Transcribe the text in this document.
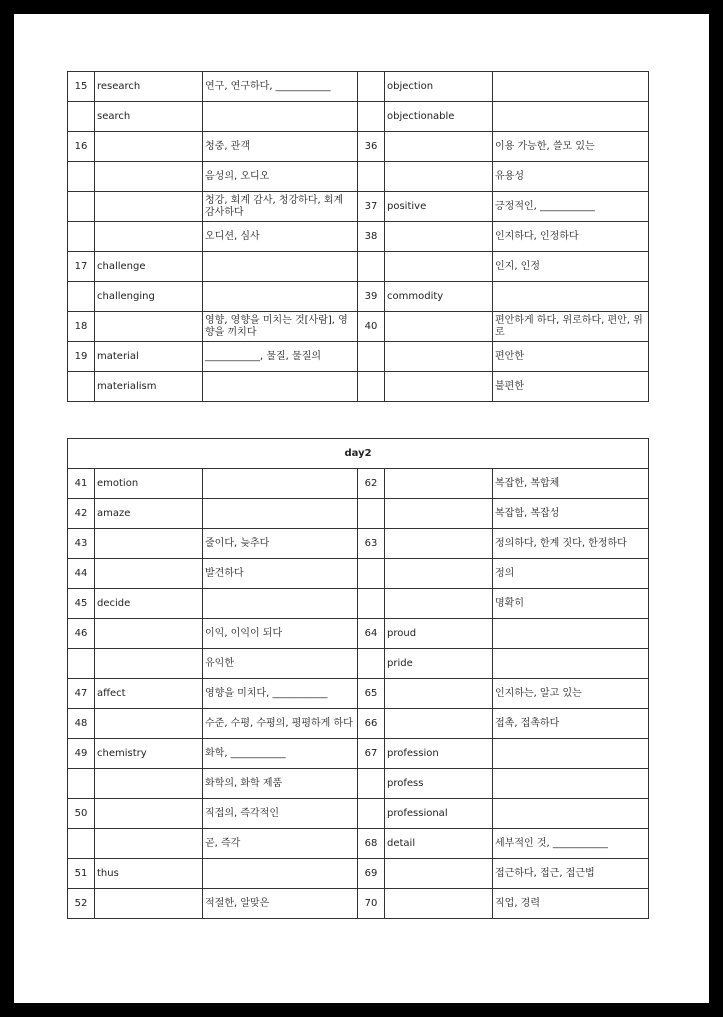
15	research	연구, 연구하다, ___________		objection	
	search			objectionable	
16		청중, 관객	36		이용 가능한, 쓸모 있는
		음성의, 오디오			유용성
		청강, 회계 감사, 청강하다, 회계 감사하다	37	positive	긍정적인, ___________
		오디션, 심사	38		인지하다, 인정하다
17	challenge				인지, 인정
	challenging		39	commodity	
18		영향, 영향을 미치는 것[사람], 영향을 끼치다	40		편안하게 하다, 위로하다, 편안, 위로
19	material	___________, 물질, 물질의			편안한
	materialism				불편한
day2					
41	emotion		62		복잡한, 복합체
42	amaze				복잡함, 복잡성
43		줄이다, 늦추다	63		정의하다, 한계 짓다, 한정하다
44		발견하다			정의
45	decide				명확히
46		이익, 이익이 되다	64	proud	
		유익한		pride	
47	affect	영향을 미치다, ___________	65		인지하는, 알고 있는
48		수준, 수평, 수평의, 평평하게 하다	66		접촉, 접촉하다
49	chemistry	화학, ___________	67	profession	
		화학의, 화학 제품		profess	
50		직접의, 즉각적인		professional	
		곧, 즉각	68	detail	세부적인 것, ___________
51	thus		69		접근하다, 접근, 접근법
52		적절한, 알맞은	70		직업, 경력
